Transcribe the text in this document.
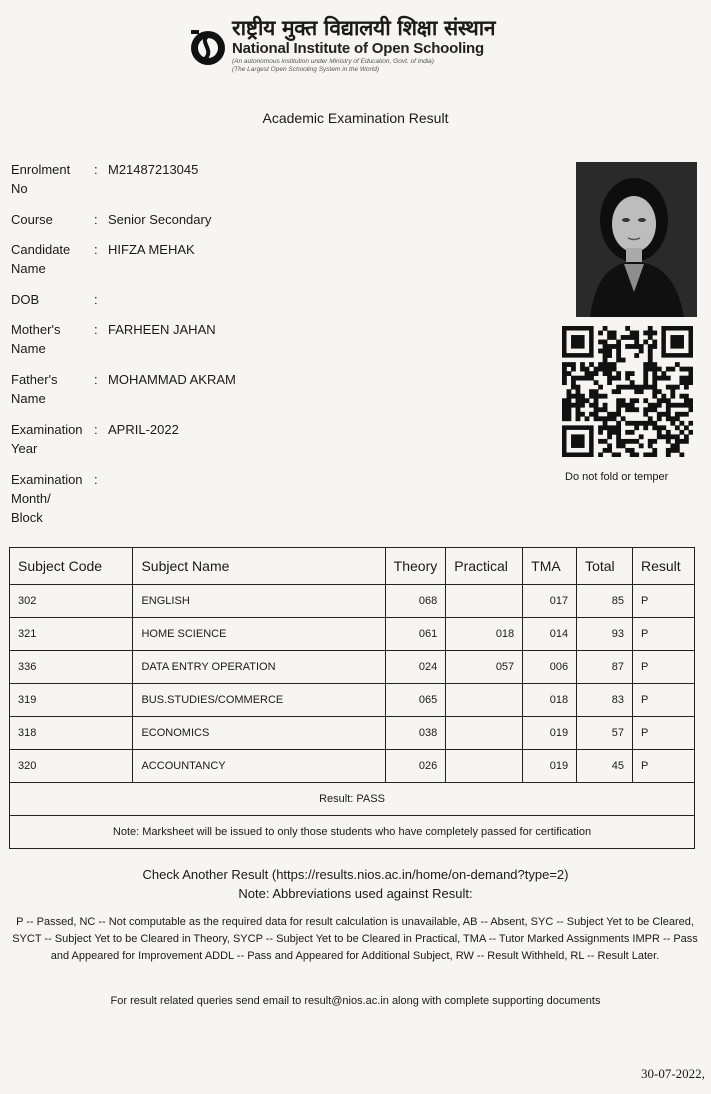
राष्ट्रीय मुक्त विद्यालयी शिक्षा संस्थान
National Institute of Open Schooling
(An autonomous institution under Ministry of Education, Govt. of India)
(The Largest Open Schooling System in the World)
Academic Examination Result
Enrolment
No
: M21487213045
Course	: Senior Secondary
Candidate
Name
: HIFZA MEHAK
DOB	:
Mother's
Name
: FARHEEN JAHAN
Father's
Name
: MOHAMMAD AKRAM
Examination
Year
: APRIL-2022
Examination
Month/
Block
:	Do not fold or temper
Subject Code	Subject Name	Theory	Practical	TMA	Total	Result
302	ENGLISH	068		017	85	P
321	HOME SCIENCE	061	018	014	93	P
336	DATA ENTRY OPERATION	024	057	006	87	P
319	BUS.STUDIES/COMMERCE	065		018	83	P
318	ECONOMICS	038		019	57	P
320	ACCOUNTANCY	026		019	45	P
Result: PASS						
Note: Marksheet will be issued to only those students who have completely passed for certification						
Check Another Result (https://results.nios.ac.in/home/on-demand?type=2)
Note: Abbreviations used against Result:
P -- Passed, NC -- Not computable as the required data for result calculation is unavailable, AB -- Absent, SYC -- Subject Yet to be Cleared, SYCT -- Subject Yet to be Cleared in Theory, SYCP -- Subject Yet to be Cleared in Practical, TMA -- Tutor Marked Assignments IMPR -- Pass and Appeared for Improvement ADDL -- Pass and Appeared for Additional Subject, RW -- Result Withheld, RL -- Result Later.
For result related queries send email to result@nios.ac.in along with complete supporting documents
30-07-2022,
